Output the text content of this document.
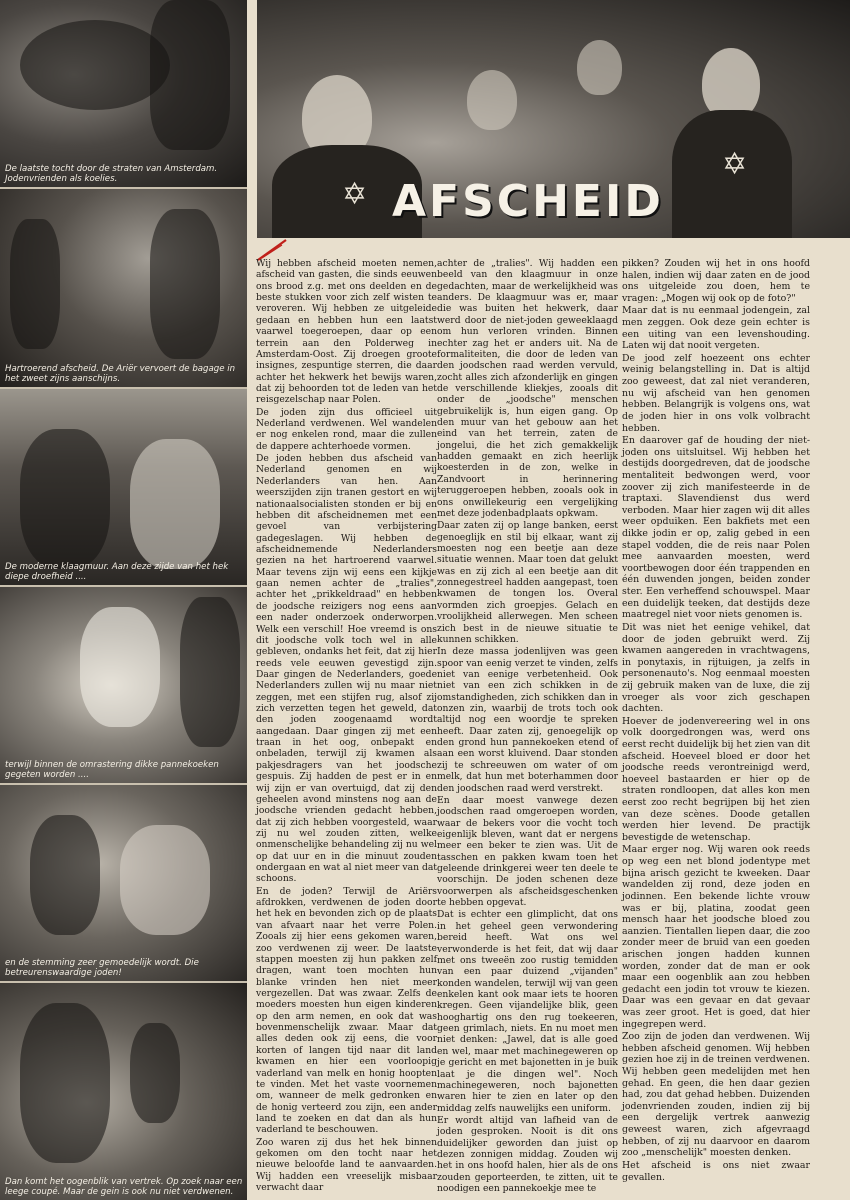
De laatste tocht door de straten van Amsterdam. Jodenvrienden als koelies.
Hartroerend afscheid. De Ariër vervoert de bagage in het zweet zijns aanschijns.
De moderne klaagmuur. Aan deze zijde van het hek diepe droefheid ....
terwijl binnen de omrastering dikke pannekoeken gegeten worden ....
en de stemming zeer gemoedelijk wordt. Die betreurenswaardige joden!
Dan komt het oogenblik van vertrek. Op zoek naar een leege coupé. Maar de gein is ook nu niet verdwenen.
✡
✡
AFSCHEID

Wij hebben afscheid moeten nemen, afscheid van gasten, die sinds eeuwen ons brood z.g. met ons deelden en de beste stukken voor zich zelf wisten te veroveren. Wij hebben ze uitgeleide gedaan en hebben hun een laatst vaarwel toegeroepen, daar op een terrein aan den Polderweg in Amsterdam-Oost. Zij droegen groote insignes, zespuntige sterren, die daar achter het hekwerk het bewijs waren, dat zij behoorden tot de leden van het reisgezelschap naar Polen.

De joden zijn dus officieel uit Nederland verdwenen. Wel wandelen er nog enkelen rond, maar die zullen de dappere achterhoede vormen.

De joden hebben dus afscheid van Nederland genomen en wij Nederlanders van hen. Aan weerszijden zijn tranen gestort en wij nationaalsocialisten stonden er bij en hebben dit afscheidnemen met een gevoel van verbijstering gadegeslagen. Wij hebben de afscheidnemende Nederlanders gezien na het hartroerend vaarwel. Maar tevens zijn wij eens een kijkje gaan nemen achter de „tralies", achter het „prikkeldraad" en hebben de joodsche reizigers nog eens aan een nader onderzoek onderworpen. Welk een verschil! Hoe vreemd is ons dit joodsche volk toch wel in alle gebleven, ondanks het feit, dat zij hier reeds vele eeuwen gevestigd zijn. Daar gingen de Nederlanders, goede Nederlanders zullen wij nu maar niet zeggen, met een stijfen rug, alsof zij zich verzetten tegen het geweld, dat den joden zoogenaamd wordt aangedaan. Daar gingen zij met een traan in het oog, onbepakt en onbeladen, terwijl zij kwamen als pakjesdragers van het joodsche gespuis. Zij hadden de pest er in en wij zijn er van overtuigd, dat zij den geheelen avond minstens nog aan de joodsche vrienden gedacht hebben, dat zij zich hebben voorgesteld, waar zij nu wel zouden zitten, welke onmenschelijke behandeling zij nu wel op dat uur en in die minuut zouden ondergaan en wat al niet meer van dat schoons.

En de joden? Terwijl de Ariërs afdrokken, verdwenen de joden door het hek en bevonden zich op de plaats van afvaart naar het verre Polen. Zooals zij hier eens gekomen waren, zoo verdwenen zij weer. De laatste stappen moesten zij hun pakken zelf dragen, want toen mochten hun blanke vrinden hen niet meer vergezellen. Dat was zwaar. Zelfs de moeders moesten hun eigen kinderen op den arm nemen, en ook dat was bovenmenschelijk zwaar. Maar dat alles deden ook zij eens, die voor korten of langen tijd naar dit land kwamen en hier een voorloopig vaderland van melk en honig hoopten te vinden. Met het vaste voornemen om, wanneer de melk gedronken en de honig verteerd zou zijn, een ander land te zoeken en dat dan als hun vaderland te beschouwen.

Zoo waren zij dus het hek binnen gekomen om den tocht naar het nieuwe beloofde land te aanvaarden. Wij hadden een vreeselijk misbaar verwacht daar

achter de „tralies". Wij hadden een beeld van den klaagmuur in onze gedachten, maar de werkelijkheid was anders. De klaagmuur was er, maar die was buiten het hekwerk, daar werd door de niet-joden geweeklaagd om hun verloren vrinden. Binnen echter zag het er anders uit. Na de formaliteiten, die door de leden van den joodschen raad werden vervuld, zocht alles zich afzonderlijk en gingen de verschillende kliekjes, zooals dit onder de „joodsche" menschen gebruikelijk is, hun eigen gang. Op den muur van het gebouw aan het eind van het terrein, zaten de jongelui, die het zich gemakkelijk hadden gemaakt en zich heerlijk koesterden in de zon, welke in Zandvoort in herinnering teruggeroepen hebben, zooals ook in ons onwillekeurig een vergelijking met deze jodenbadplaats opkwam.

Daar zaten zij op lange banken, eerst genoeglijk en stil bij elkaar, want zij moesten nog een beetje aan deze situatie wennen. Maar toen dat gelukt was en zij zich al een beetje aan dit zonnegestreel hadden aangepast, toen kwamen de tongen los. Overal vormden zich groepjes. Gelach en vroolijkheid allerwegen. Men scheen zich best in de nieuwe situatie te kunnen schikken.

In deze massa jodenlijven was geen spoor van eenig verzet te vinden, zelfs niet van eenige verbetenheid. Ook niet van een zich schikken in de omstandigheden, zich schikken dan in onzen zin, waarbij de trots toch ook altijd nog een woordje te spreken heeft. Daar zaten zij, genoegelijk op den grond hun pannekoeken etend of aan een worst kluivend. Daar stonden zij te schreeuwen om water of om melk, dat hun met boterhammen door den joodschen raad werd verstrekt.

En daar moest vanwege dezen joodschen raad omgeroepen worden, waar de bekers voor die vocht toch eigenlijk bleven, want dat er nergens meer een beker te zien was. Uit de tasschen en pakken kwam toen het geleende drinkgerei weer ten deele te voorschijn. De joden schenen deze voorwerpen als afscheidsgeschenken te hebben opgevat.

Dat is echter een glimplicht, dat ons in het geheel geen verwondering bereid heeft. Wat ons wel verwonderde is het feit, dat wij daar met ons tweeën zoo rustig temidden van een paar duizend „vijanden" konden wandelen, terwijl wij van geen enkelen kant ook maar iets te hooren kregen. Geen vijandelijke blik, geen hooghartig ons den rug toekeeren, geen grimlach, niets. En nu moet men niet denken: „Jawel, dat is alle goed en wel, maar met machinegeweren op je gericht en met bajonetten in je buik laat je die dingen wel". Noch machinegeweren, noch bajonetten waren hier te zien en later op den middag zelfs nauwelijks een uniform.

Er wordt altijd van lafheid van de joden gesproken. Nooit is dit ons duidelijker geworden dan juist op dezen zonnigen middag. Zouden wij het in ons hoofd halen, hier als de ons zouden geporteerden, te zitten, uit te noodigen een pannekoekje mee te

pikken? Zouden wij het in ons hoofd halen, indien wij daar zaten en de jood ons uitgeleide zou doen, hem te vragen: „Mogen wij ook op de foto?"

Maar dat is nu eenmaal jodengein, zal men zeggen. Ook deze gein echter is een uiting van een levenshouding. Laten wij dat nooit vergeten.

De jood zelf hoezeent ons echter weinig belangstelling in. Dat is altijd zoo geweest, dat zal niet veranderen, nu wij afscheid van hen genomen hebben. Belangrijk is volgens ons, wat de joden hier in ons volk volbracht hebben.

En daarover gaf de houding der niet-joden ons uitsluitsel. Wij hebben het destijds doorgedreven, dat de joodsche mentaliteit bedwongen werd, voor zoover zij zich manifesteerde in de traptaxi. Slavendienst dus werd verboden. Maar hier zagen wij dit alles weer opduiken. Een bakfiets met een dikke jodin er op, zalig gebed in een stapel vodden, die de reis naar Polen mee aanvaarden moesten, werd voortbewogen door één trappenden en één duwenden jongen, beiden zonder ster. Een verheffend schouwspel. Maar een duidelijk teeken, dat destijds deze maatregel niet voor niets genomen is.

Dit was niet het eenige vehikel, dat door de joden gebruikt werd. Zij kwamen aangereden in vrachtwagens, in ponytaxis, in rijtuigen, ja zelfs in personenauto's. Nog eenmaal moesten zij gebruik maken van de luxe, die zij vroeger als voor zich geschapen dachten.

Hoever de jodenvereering wel in ons volk doorgedrongen was, werd ons eerst recht duidelijk bij het zien van dit afscheid. Hoeveel bloed er door het joodsche reeds verontreinigd werd, hoeveel bastaarden er hier op de straten rondloopen, dat alles kon men eerst zoo recht begrijpen bij het zien van deze scènes. Doode getallen werden hier levend. De practijk bevestigde de wetenschap.

Maar erger nog. Wij waren ook reeds op weg een net blond jodentype met bijna arisch gezicht te kweeken. Daar wandelden zij rond, deze joden en jodinnen. Een bekende lichte vrouw was er bij, platina, zoodat geen mensch haar het joodsche bloed zou aanzien. Tientallen liepen daar, die zoo zonder meer de bruid van een goeden arischen jongen hadden kunnen worden, zonder dat de man er ook maar een oogenblik aan zou hebben gedacht een jodin tot vrouw te kiezen. Daar was een gevaar en dat gevaar was zeer groot. Het is goed, dat hier ingegrepen werd.

Zoo zijn de joden dan verdwenen. Wij hebben afscheid genomen. Wij hebben gezien hoe zij in de treinen verdwenen. Wij hebben geen medelijden met hen gehad. En geen, die hen daar gezien had, zou dat gehad hebben. Duizenden jodenvrienden zouden, indien zij bij een dergelijk vertrek aanwezig geweest waren, zich afgevraagd hebben, of zij nu daarvoor en daarom zoo „menschelijk" moesten denken.

Het afscheid is ons niet zwaar gevallen.
